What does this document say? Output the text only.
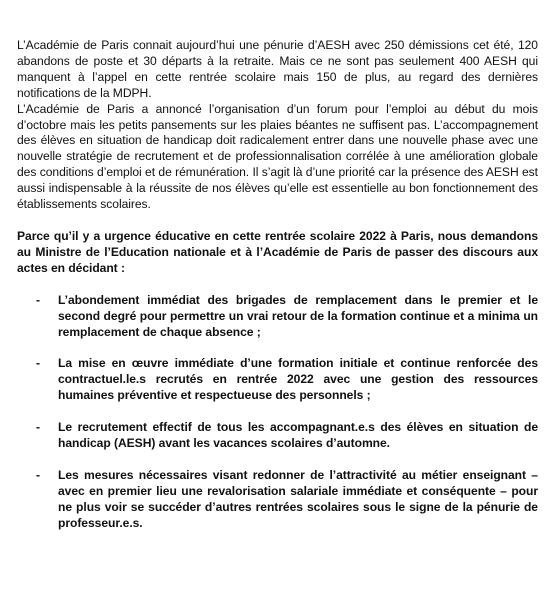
L’Académie de Paris connait aujourd’hui une pénurie d’AESH avec 250 démissions cet été, 120 abandons de poste et 30 départs à la retraite. Mais ce ne sont pas seulement 400 AESH qui manquent à l’appel en cette rentrée scolaire mais 150 de plus, au regard des dernières notifications de la MDPH.

L’Académie de Paris a annoncé l’organisation d’un forum pour l’emploi au début du mois d’octobre mais les petits pansements sur les plaies béantes ne suffisent pas. L’accompagnement des élèves en situation de handicap doit radicalement entrer dans une nouvelle phase avec une nouvelle stratégie de recrutement et de professionnalisation corrélée à une amélioration globale des conditions d’emploi et de rémunération. Il s’agit là d’une priorité car la présence des AESH est aussi indispensable à la réussite de nos élèves qu’elle est essentielle au bon fonctionnement des établissements scolaires.

Parce qu’il y a urgence éducative en cette rentrée scolaire 2022 à Paris, nous demandons au Ministre de l’Education nationale et à l’Académie de Paris de passer des discours aux actes en décidant :

- L’abondement immédiat des brigades de remplacement dans le premier et le second degré pour permettre un vrai retour de la formation continue et a minima un remplacement de chaque absence ;
- La mise en œuvre immédiate d’une formation initiale et continue renforcée des contractuel.le.s recrutés en rentrée 2022 avec une gestion des ressources humaines préventive et respectueuse des personnels ;
- Le recrutement effectif de tous les accompagnant.e.s des élèves en situation de handicap (AESH) avant les vacances scolaires d’automne.
- Les mesures nécessaires visant redonner de l’attractivité au métier enseignant – avec en premier lieu une revalorisation salariale immédiate et conséquente – pour ne plus voir se succéder d’autres rentrées scolaires sous le signe de la pénurie de professeur.e.s.
